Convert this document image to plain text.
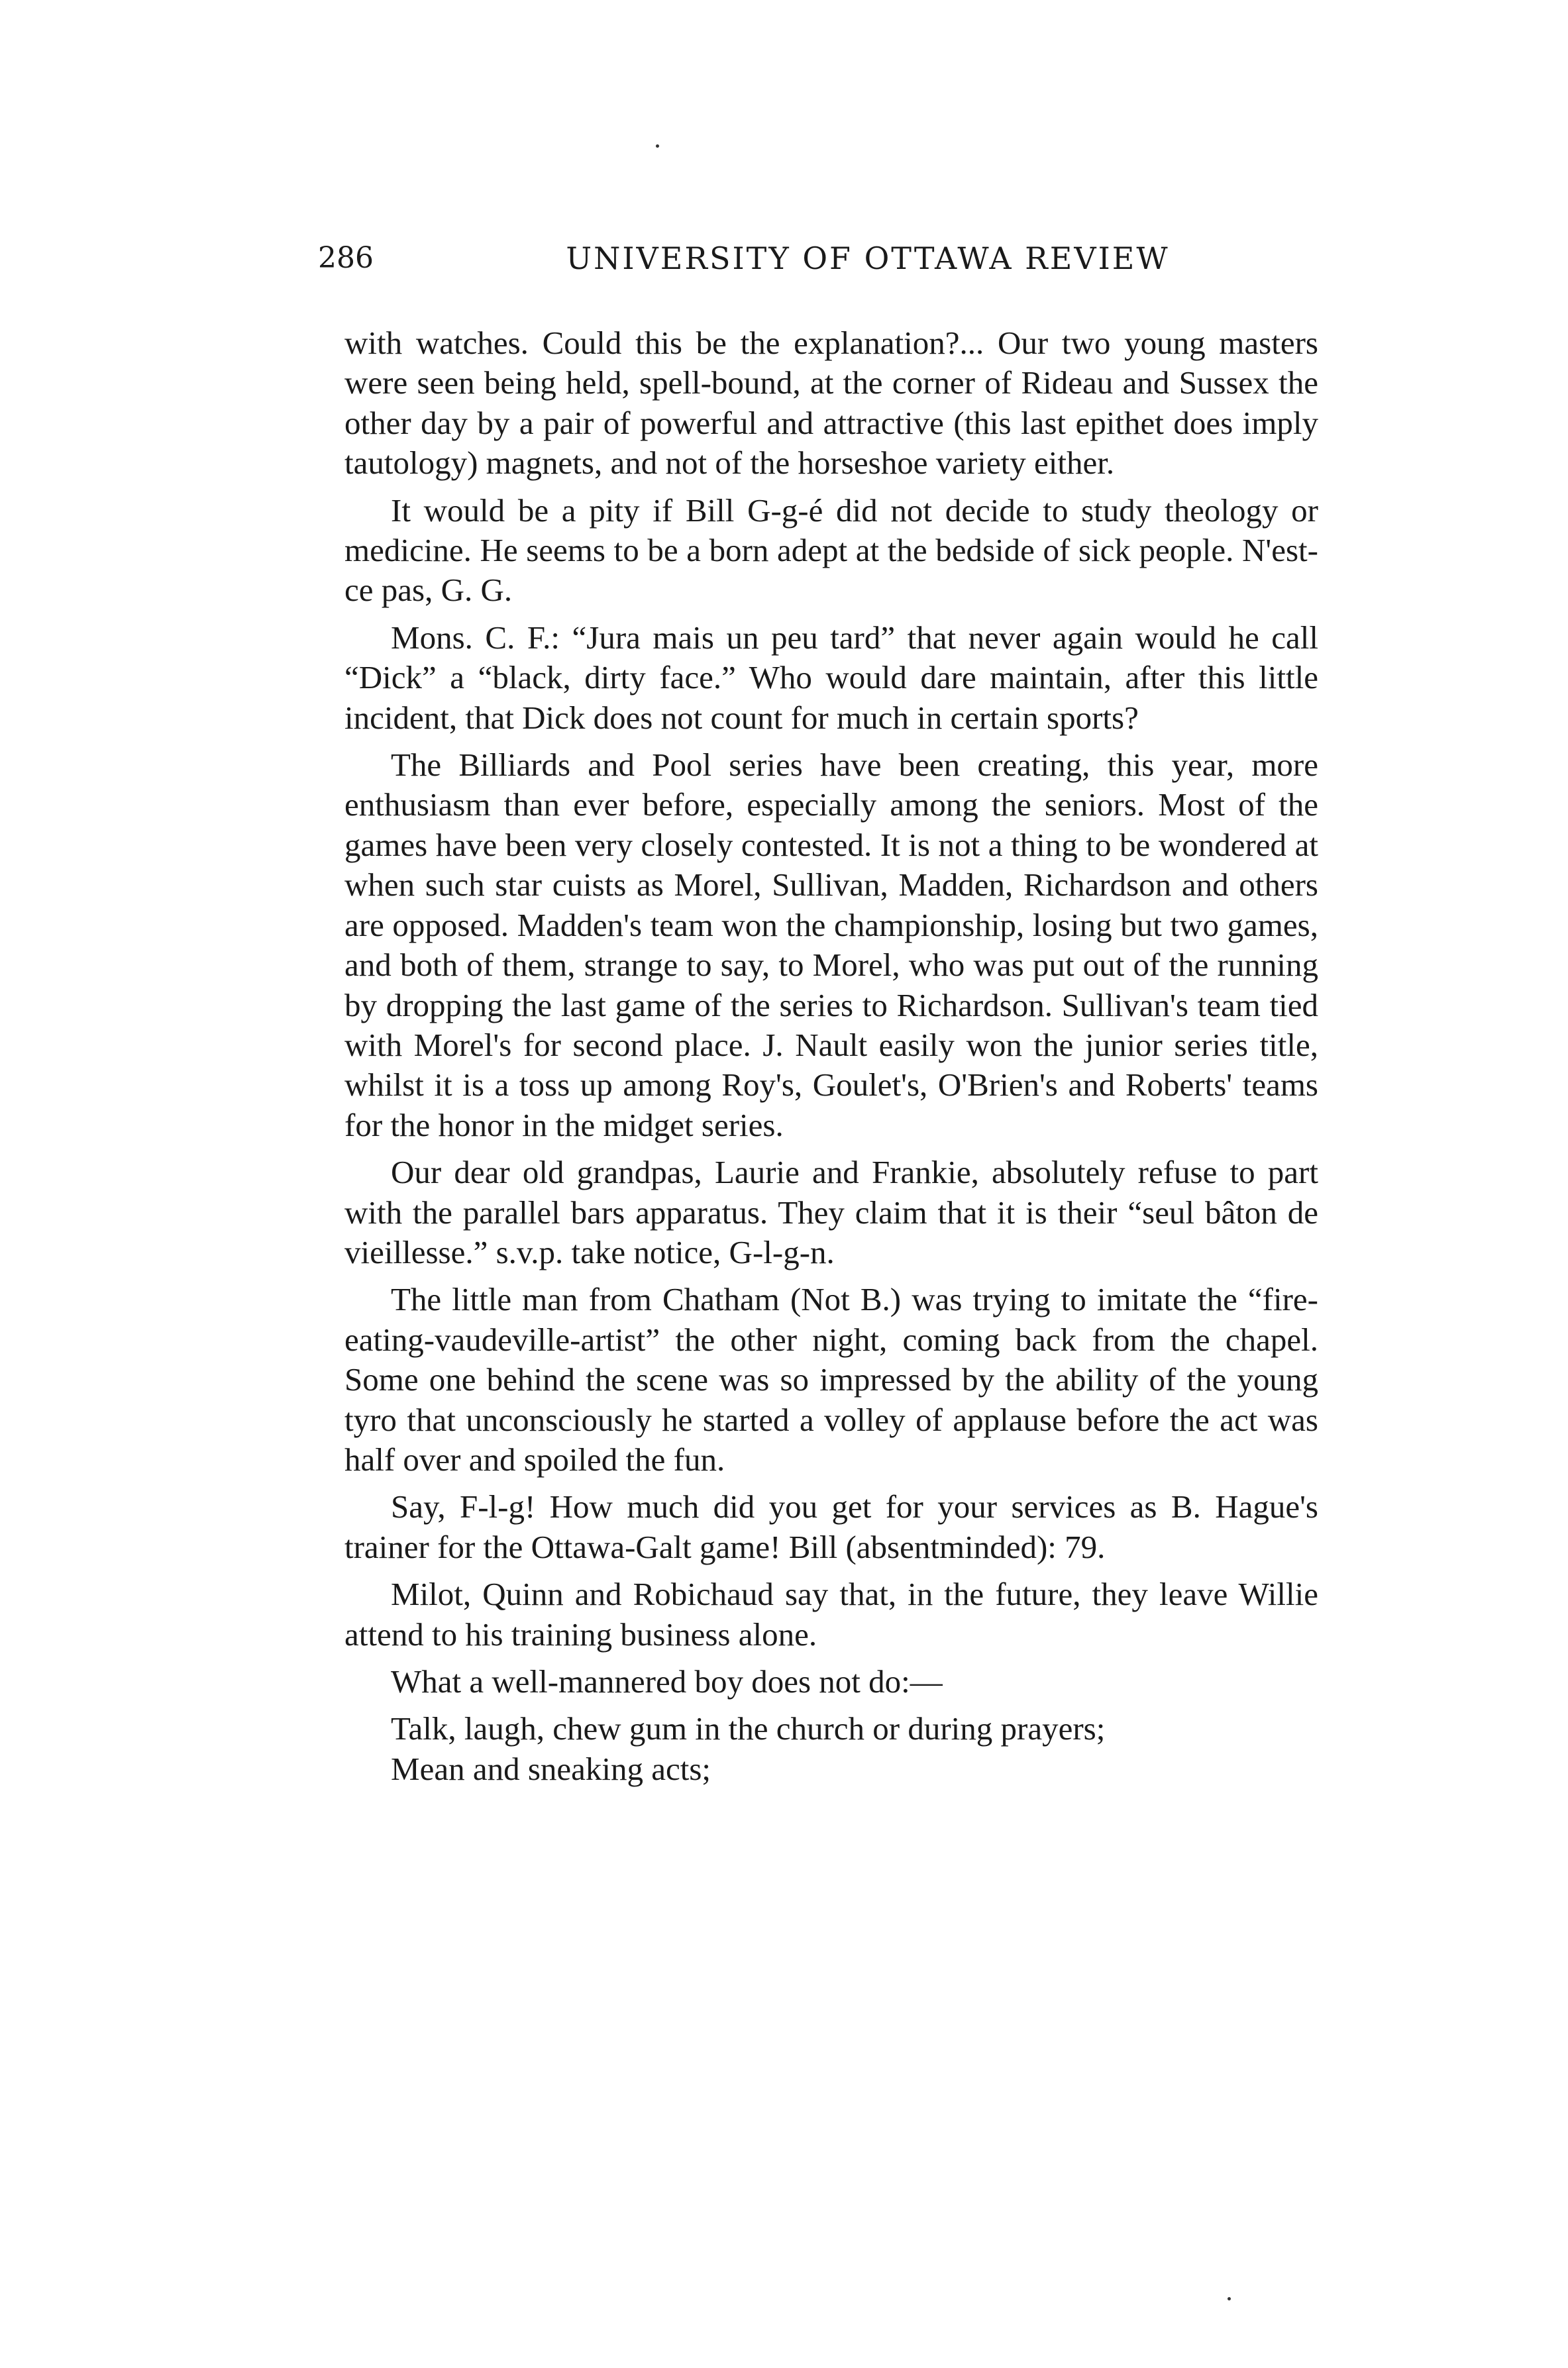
286	UNIVERSITY OF OTTAWA REVIEW

with watches. Could this be the explanation?... Our two young masters were seen being held, spell-bound, at the corner of Rideau and Sussex the other day by a pair of powerful and attractive (this last epithet does imply tautology) magnets, and not of the horseshoe variety either.

It would be a pity if Bill G-g-é did not decide to study theology or medicine. He seems to be a born adept at the bedside of sick people. N'est-ce pas, G. G.

Mons. C. F.: “Jura mais un peu tard” that never again would he call “Dick” a “black, dirty face.” Who would dare maintain, after this little incident, that Dick does not count for much in certain sports?

The Billiards and Pool series have been creating, this year, more enthusiasm than ever before, especially among the seniors. Most of the games have been very closely contested. It is not a thing to be wondered at when such star cuists as Morel, Sullivan, Madden, Richardson and others are opposed. Madden's team won the championship, losing but two games, and both of them, strange to say, to Morel, who was put out of the running by dropping the last game of the series to Richardson. Sullivan's team tied with Morel's for second place. J. Nault easily won the junior series title, whilst it is a toss up among Roy's, Goulet's, O'Brien's and Roberts' teams for the honor in the midget series.

Our dear old grandpas, Laurie and Frankie, absolutely refuse to part with the parallel bars apparatus. They claim that it is their “seul bâton de vieillesse.” s.v.p. take notice, G-l-g-n.

The little man from Chatham (Not B.) was trying to imitate the “fire-eating-vaudeville-artist” the other night, coming back from the chapel. Some one behind the scene was so impressed by the ability of the young tyro that unconsciously he started a volley of applause before the act was half over and spoiled the fun.

Say, F-l-g! How much did you get for your services as B. Hague's trainer for the Ottawa-Galt game! Bill (absentminded): 79.

Milot, Quinn and Robichaud say that, in the future, they leave Willie attend to his training business alone.

What a well-mannered boy does not do:—

Talk, laugh, chew gum in the church or during prayers;

Mean and sneaking acts;
